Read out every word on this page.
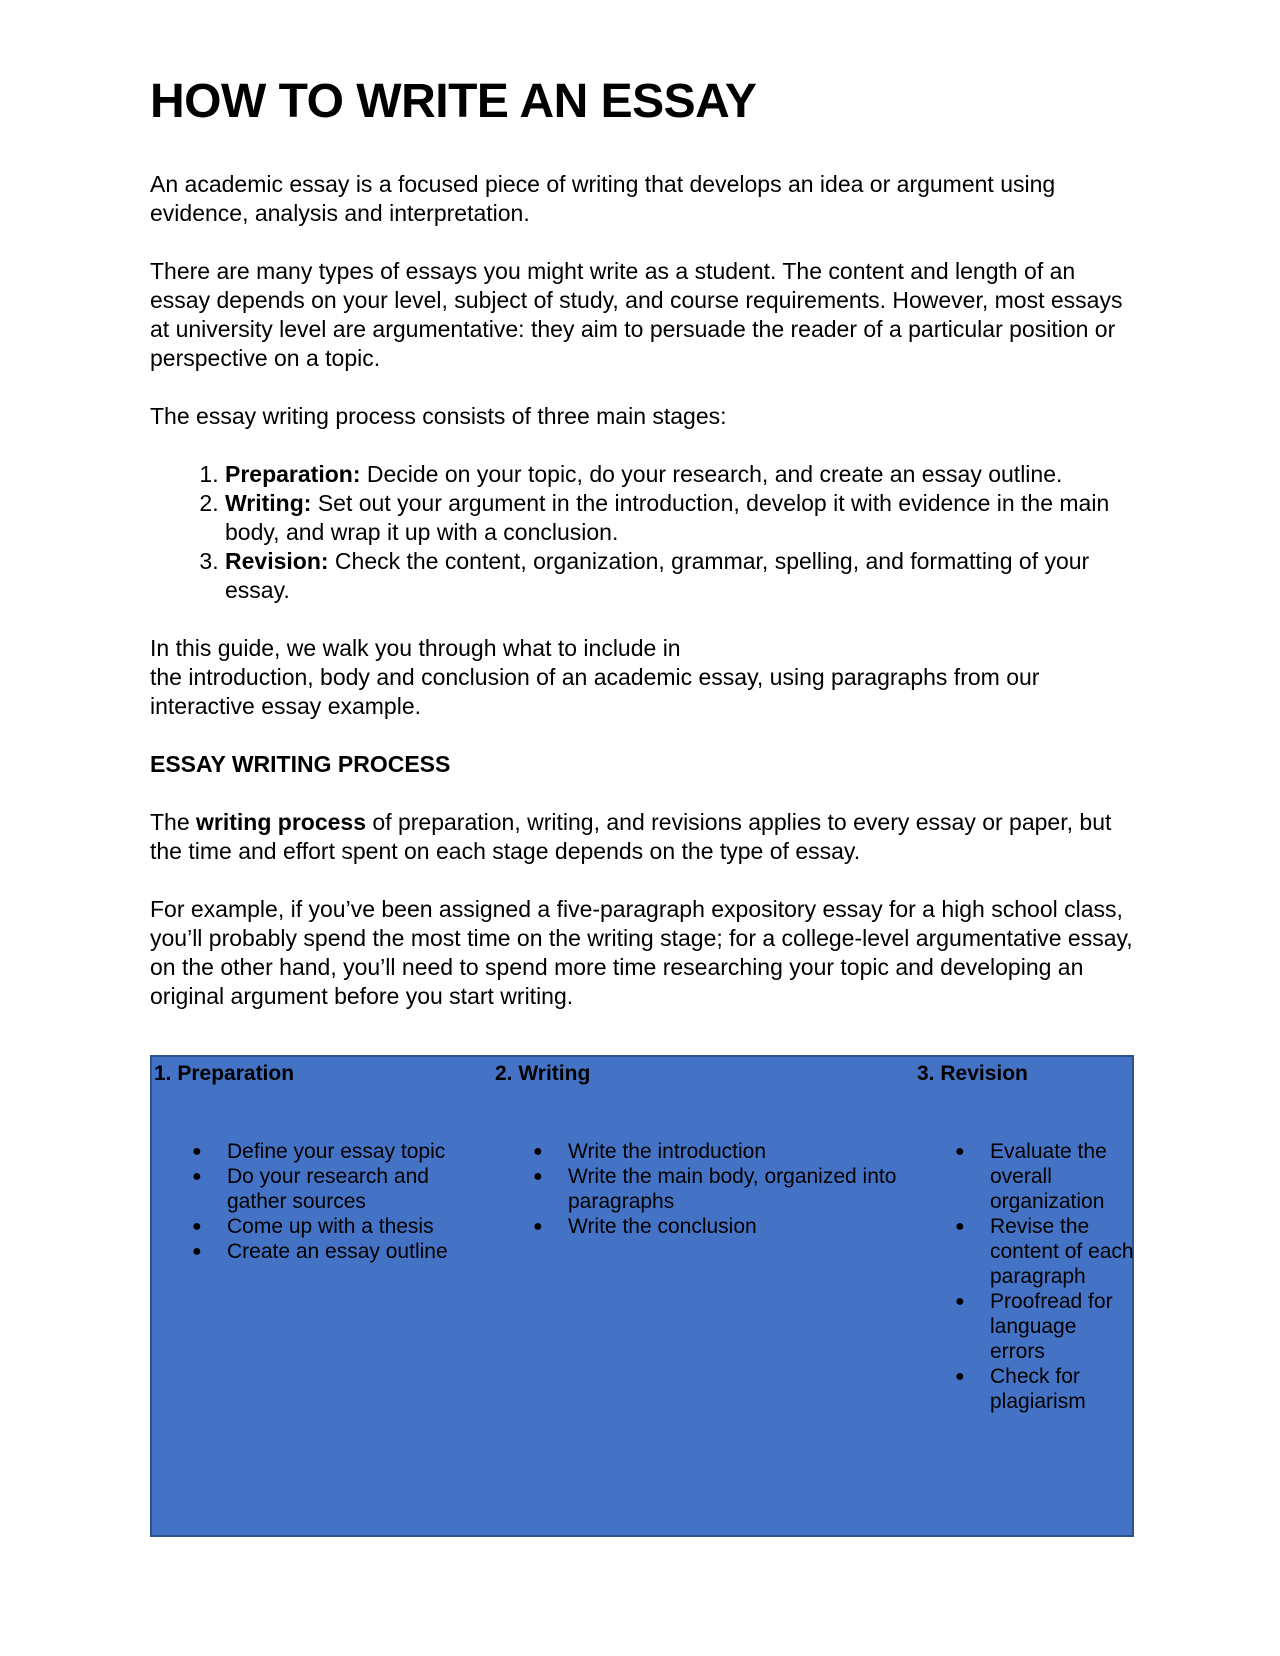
HOW TO WRITE AN ESSAY

An academic essay is a focused piece of writing that develops an idea or argument using evidence, analysis and interpretation.

There are many types of essays you might write as a student. The content and length of an essay depends on your level, subject of study, and course requirements. However, most essays at university level are argumentative: they aim to persuade the reader of a particular position or perspective on a topic.

The essay writing process consists of three main stages:

1. Preparation: Decide on your topic, do your research, and create an essay outline.
2. Writing: Set out your argument in the introduction, develop it with evidence in the main body, and wrap it up with a conclusion.
3. Revision: Check the content, organization, grammar, spelling, and formatting of your essay.

In this guide, we walk you through what to include in
the introduction, body and conclusion of an academic essay, using paragraphs from our interactive essay example.

ESSAY WRITING PROCESS

The writing process of preparation, writing, and revisions applies to every essay or paper, but the time and effort spent on each stage depends on the type of essay.

For example, if you’ve been assigned a five-paragraph expository essay for a high school class, you’ll probably spend the most time on the writing stage; for a college-level argumentative essay, on the other hand, you’ll need to spend more time researching your topic and developing an original argument before you start writing.

1. Preparation
● Define your essay topic
● Do your research and gather sources
● Come up with a thesis
● Create an essay outline
2. Writing
● Write the introduction
● Write the main body, organized into paragraphs
● Write the conclusion
3. Revision
● Evaluate the overall organization
● Revise the content of each paragraph
● Proofread for language errors
● Check for plagiarism
